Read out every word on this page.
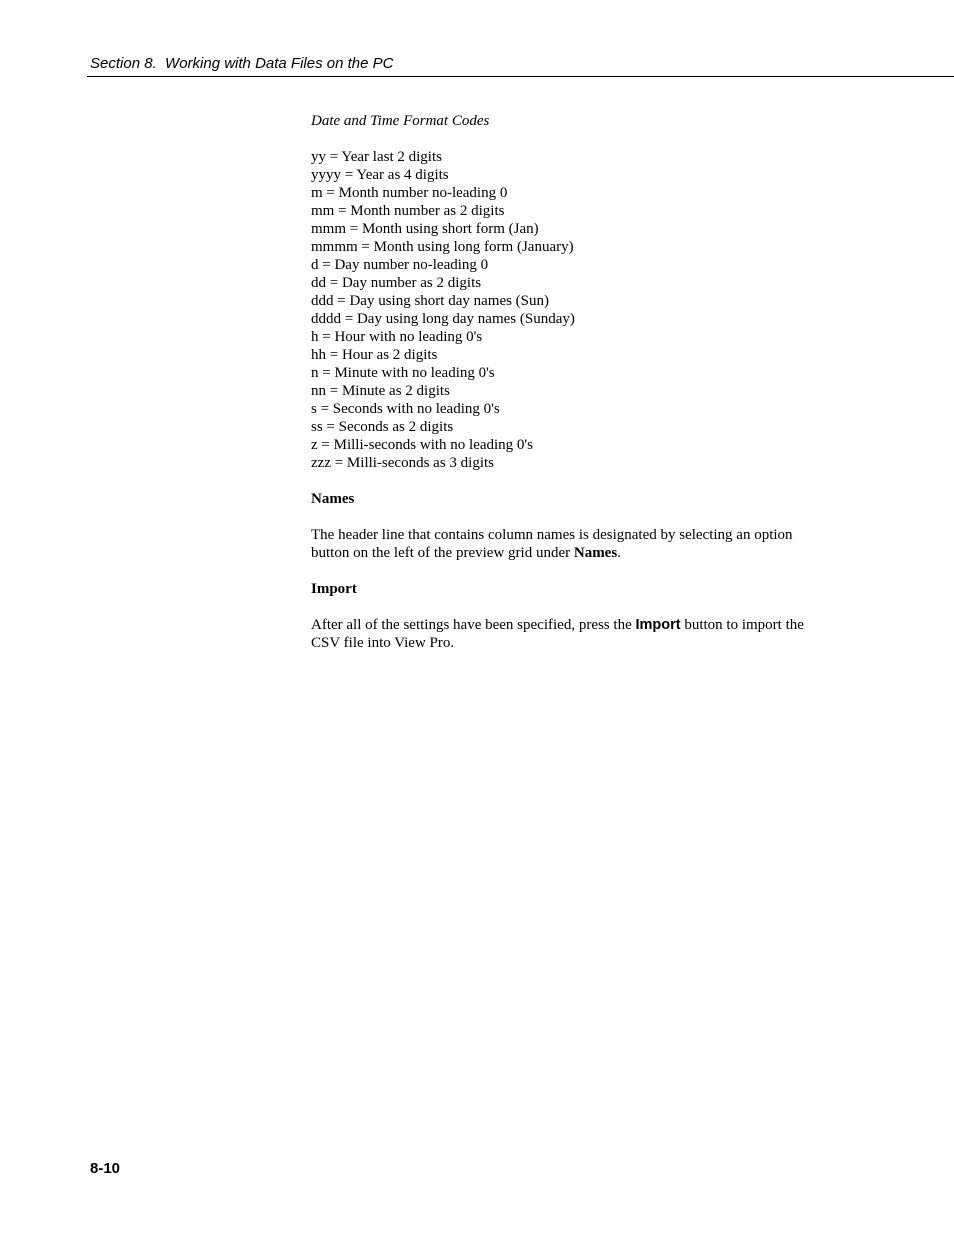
Section 8.  Working with Data Files on the PC

Date and Time Format Codes

yy = Year last 2 digits
yyyy = Year as 4 digits
m = Month number no-leading 0
mm = Month number as 2 digits
mmm = Month using short form (Jan)
mmmm = Month using long form (January)
d = Day number no-leading 0
dd = Day number as 2 digits
ddd = Day using short day names (Sun)
dddd = Day using long day names (Sunday)
h = Hour with no leading 0's
hh = Hour as 2 digits
n = Minute with no leading 0's
nn = Minute as 2 digits
s = Seconds with no leading 0's
ss = Seconds as 2 digits
z = Milli-seconds with no leading 0's
zzz = Milli-seconds as 3 digits

Names

The header line that contains column names is designated by selecting an option button on the left of the preview grid under Names.

Import

After all of the settings have been specified, press the Import button to import the CSV file into View Pro.

8-10
